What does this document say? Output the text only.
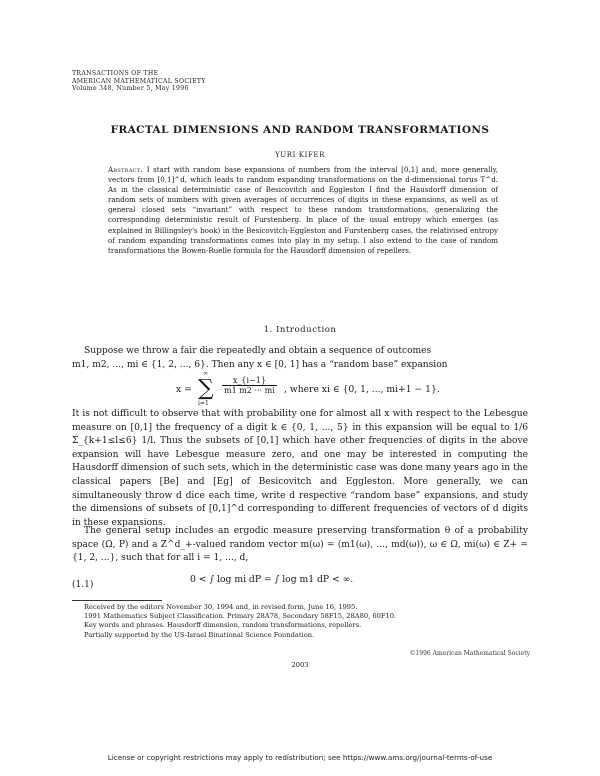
TRANSACTIONS OF THE
AMERICAN MATHEMATICAL SOCIETY
Volume 348, Number 5, May 1996
FRACTAL DIMENSIONS AND RANDOM TRANSFORMATIONS
YURI KIFER
Abstract. I start with random base expansions of numbers from the interval [0,1] and, more generally, vectors from [0,1]^d, which leads to random expanding transformations on the d-dimensional torus T^d. As in the classical deterministic case of Besicovitch and Eggleston I find the Hausdorff dimension of random sets of numbers with given averages of occurrences of digits in these expansions, as well as of general closed sets “invariant” with respect to these random transformations, generalizing the corresponding deterministic result of Furstenberg. In place of the usual entropy which emerges (as explained in Billingsley's book) in the Besicovitch-Eggleston and Furstenberg cases, the relativised entropy of random expanding transformations comes into play in my setup. I also extend to the case of random transformations the Bowen-Ruelle formula for the Hausdorff dimension of repellers.
1. Introduction

Suppose we throw a fair die repeatedly and obtain a sequence of outcomes

m1, m2, ..., mi ∈ {1, 2, ..., 6}. Then any x ∈ [0, 1] has a “random base” expansion
x =
∞
∑
i=1
$\frac{x\_\{i-1\}}{m1 m2 \cdot\cdot\cdot mi}$ , where xi ∈ {0, 1, ..., mi+1 − 1}.
It is not difficult to observe that with probability one for almost all x with respect to the Lebesgue measure on [0,1] the frequency of a digit k ∈ {0, 1, ..., 5} in this expansion will be equal to 1/6 Σ_{k+1≤l≤6} 1/l. Thus the subsets of [0,1] which have other frequencies of digits in the above expansion will have Lebesgue measure zero, and one may be interested in computing the Hausdorff dimension of such sets, which in the deterministic case was done many years ago in the classical papers [Be] and [Eg] of Besicovitch and Eggleston. More generally, we can simultaneously throw d dice each time, write d respective “random base” expansions, and study the dimensions of subsets of [0,1]^d corresponding to different frequencies of vectors of d digits in these expansions.

The general setup includes an ergodic measure preserving transformation θ of a probability space (Ω, P) and a Z^d_+-valued random vector m(ω) = (m1(ω), ..., md(ω)), ω ∈ Ω, mi(ω) ∈ Z+ = {1, 2, ...}, such that for all i = 1, ..., d,

(1.1)	0 < ∫ log mi dP = ∫ log m1 dP < ∞.
Received by the editors November 30, 1994 and, in revised form, June 16, 1995.
1991 Mathematics Subject Classification. Primary 28A78, Secondary 58F15, 28A80, 60F10.
Key words and phrases. Hausdorff dimension, random transformations, repellers.
Partially supported by the US-Israel Binational Science Foundation.
©1996 American Mathematical Society
2003
License or copyright restrictions may apply to redistribution; see https://www.ams.org/journal-terms-of-use
